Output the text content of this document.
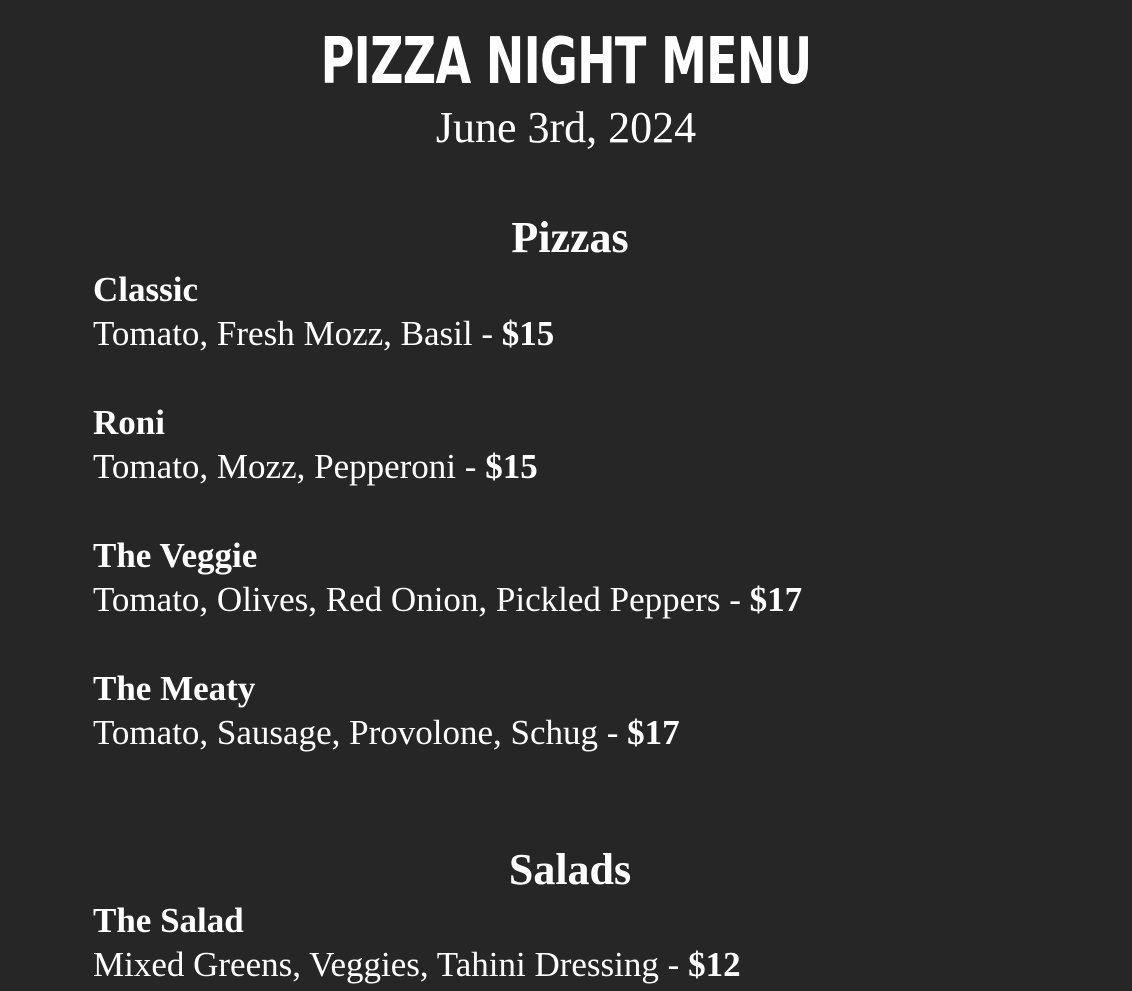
PIZZA NIGHT MENU
June 3rd, 2024
Pizzas
Classic
Tomato, Fresh Mozz, Basil - $15
Roni
Tomato, Mozz, Pepperoni - $15
The Veggie
Tomato, Olives, Red Onion, Pickled Peppers - $17
The Meaty
Tomato, Sausage, Provolone, Schug - $17
Salads
The Salad
Mixed Greens, Veggies, Tahini Dressing - $12
